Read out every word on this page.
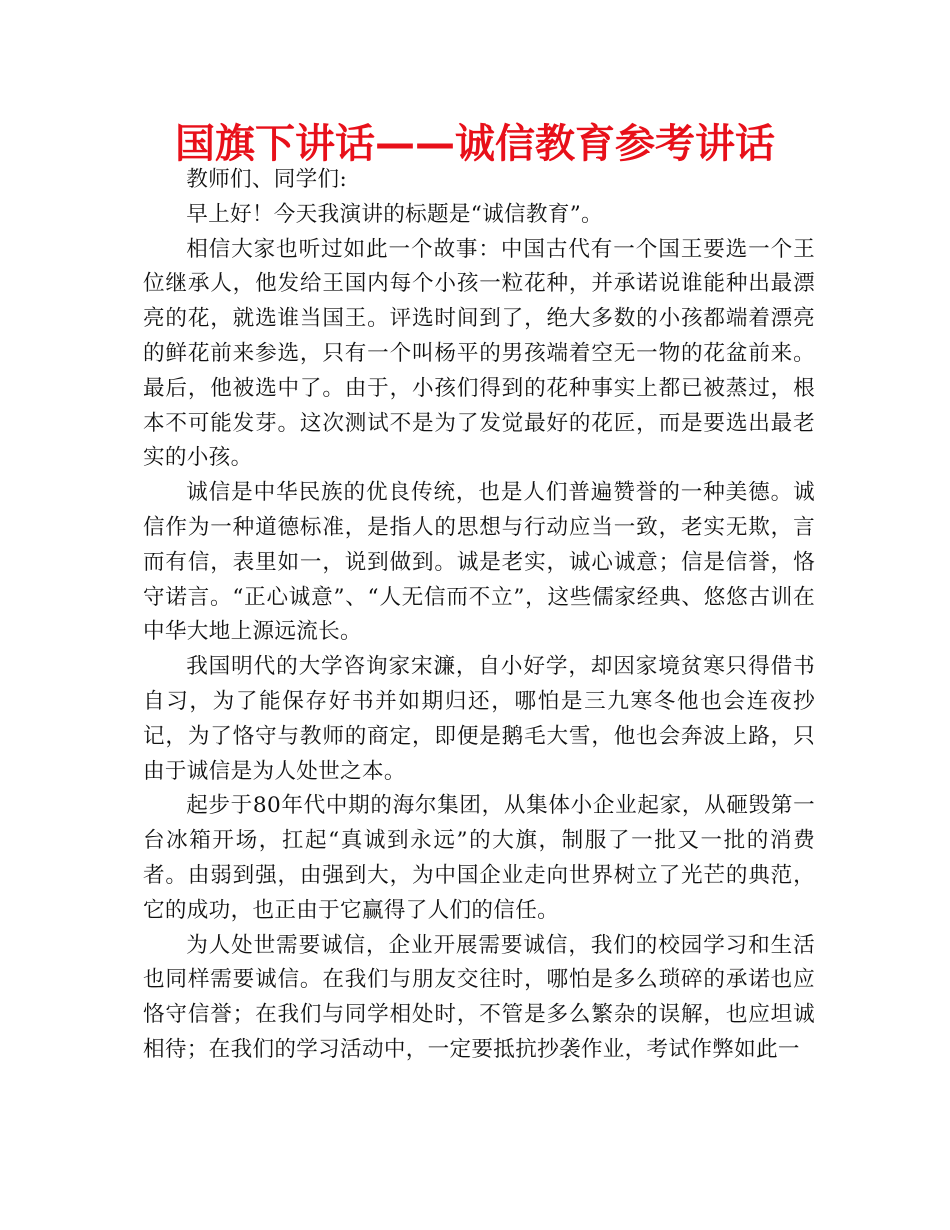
国旗下讲话——诚信教育参考讲话

教师们、同学们:

早上好！今天我演讲的标题是“诚信教育”。

相信大家也听过如此一个故事：中国古代有一个国王要选一个王位继承人，他发给王国内每个小孩一粒花种，并承诺说谁能种出最漂亮的花，就选谁当国王。评选时间到了，绝大多数的小孩都端着漂亮的鲜花前来参选，只有一个叫杨平的男孩端着空无一物的花盆前来。最后，他被选中了。由于，小孩们得到的花种事实上都已被蒸过，根本不可能发芽。这次测试不是为了发觉最好的花匠，而是要选出最老实的小孩。

诚信是中华民族的优良传统，也是人们普遍赞誉的一种美德。诚信作为一种道德标准，是指人的思想与行动应当一致，老实无欺，言而有信，表里如一，说到做到。诚是老实，诚心诚意；信是信誉，恪守诺言。“正心诚意”、“人无信而不立”，这些儒家经典、悠悠古训在中华大地上源远流长。

我国明代的大学咨询家宋濂，自小好学，却因家境贫寒只得借书自习，为了能保存好书并如期归还，哪怕是三九寒冬他也会连夜抄记，为了恪守与教师的商定，即便是鹅毛大雪，他也会奔波上路，只由于诚信是为人处世之本。

起步于80年代中期的海尔集团，从集体小企业起家，从砸毁第一台冰箱开场，扛起“真诚到永远”的大旗，制服了一批又一批的消费者。由弱到强，由强到大，为中国企业走向世界树立了光芒的典范，它的成功，也正由于它赢得了人们的信任。

为人处世需要诚信，企业开展需要诚信，我们的校园学习和生活也同样需要诚信。在我们与朋友交往时，哪怕是多么琐碎的承诺也应恪守信誉；在我们与同学相处时，不管是多么繁杂的误解，也应坦诚相待；在我们的学习活动中，一定要抵抗抄袭作业，考试作弊如此一
